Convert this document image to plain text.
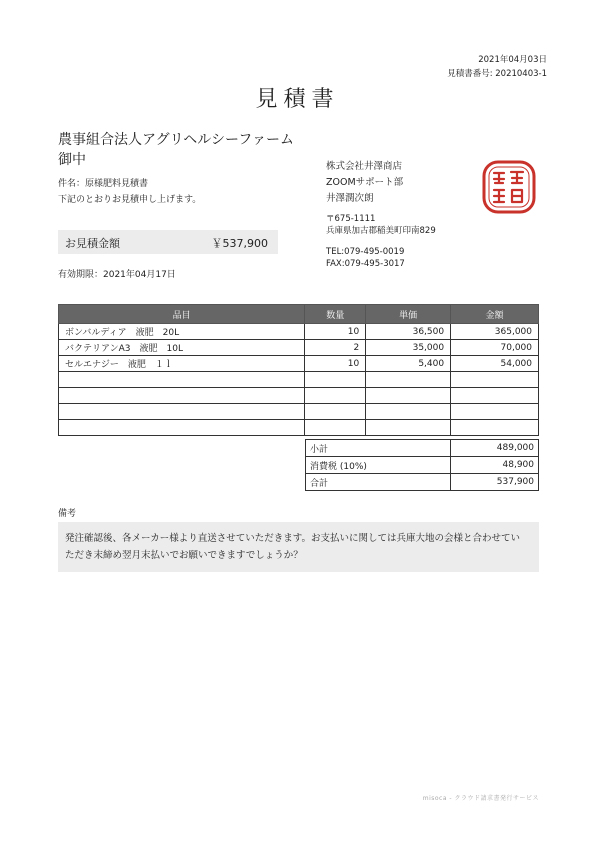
2021年04月03日
見積書番号: 20210403-1
見積書
農事組合法人アグリヘルシーファーム 御中
件名：原様肥料見積書
下記のとおりお見積申し上げます。
お見積金額	￥537,900
有効期限：2021年04月17日
株式会社井澤商店
ZOOMサポート部
井澤潤次朗
〒675-1111
兵庫県加古郡稲美町印南829
TEL:079-495-0019
FAX:079-495-3017
品目	数量	単価	金額
ボンバルディア　液肥　20L	10	36,500	365,000
バクテリアンA3　液肥　10L	2	35,000	70,000
セルエナジー　液肥　１ｌ	10	5,400	54,000

小計	489,000
消費税 (10%)	48,900
合計	537,900
備考
発注確認後、各メーカー様より直送させていただきます。お支払いに関しては兵庫大地の会様と合わせていただき末締め翌月末払いでお願いできますでしょうか？
misoca - クラウド請求書発行サービス
